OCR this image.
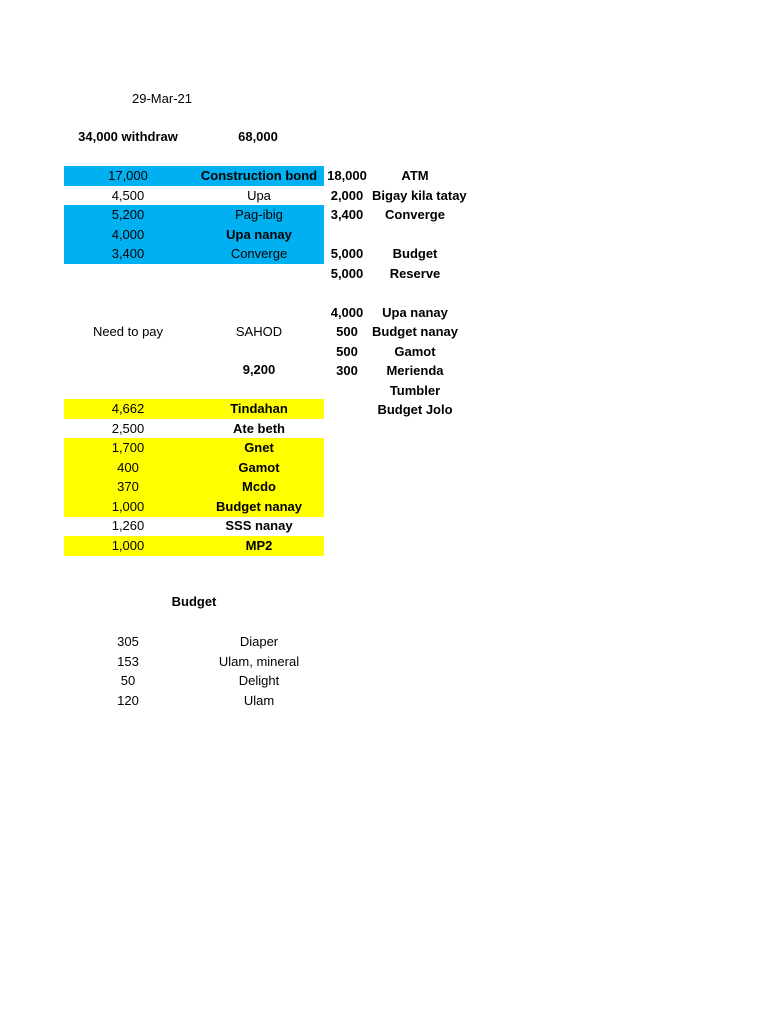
29-Mar-21
34,000 withdraw	68,000
Need to pay	SAHOD
9,200
Budget
17,000	Construction bond
4,500	Upa
5,200	Pag-ibig
4,000	Upa nanay
3,400	Converge
18,000	ATM
2,000 Bigay kila tatay
3,400	Converge
5,000	Budget
5,000	Reserve
4,000	Upa nanay
500	Budget nanay
500	Gamot
300	Merienda
Tumbler
Budget Jolo
4,662	Tindahan
2,500	Ate beth
1,700	Gnet
400	Gamot
370	Mcdo
1,000	Budget nanay
1,260	SSS nanay
1,000	MP2
305	Diaper
153	Ulam, mineral
50	Delight
120	Ulam
